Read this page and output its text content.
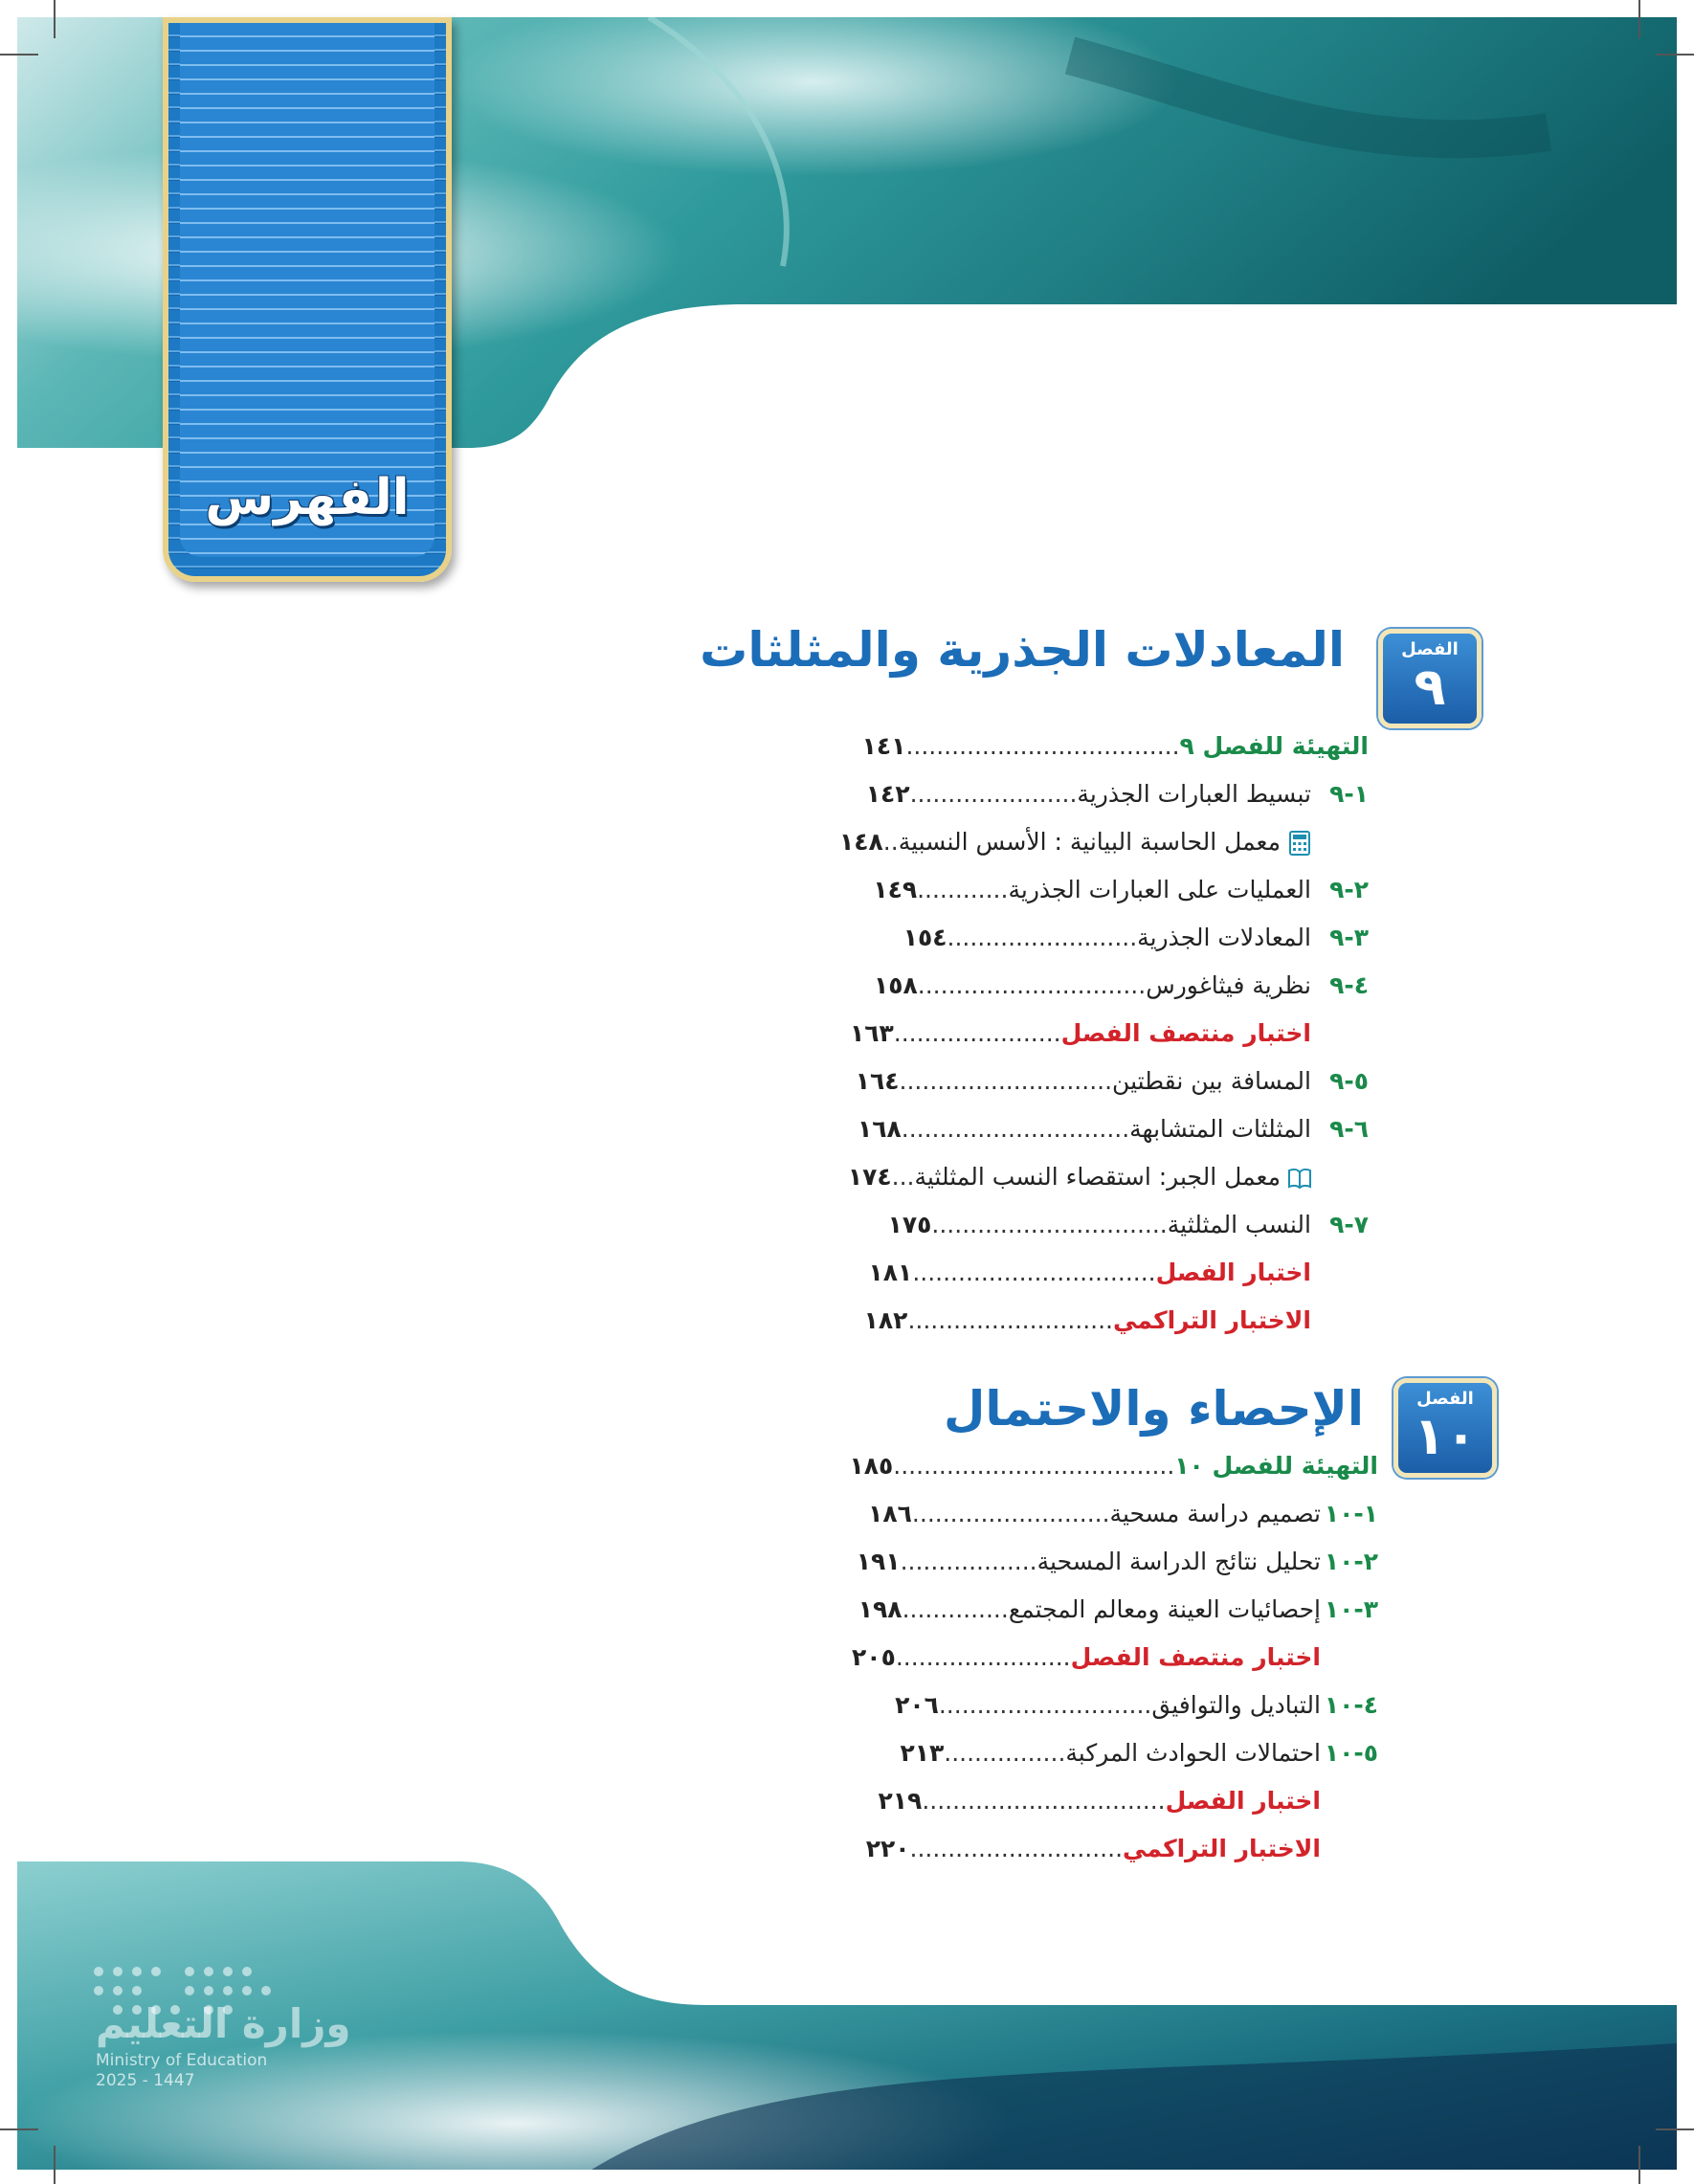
الفهرس
الفصل
٩
المعادلات الجذرية والمثلثات
التهيئة للفصل ٩....................................١٤١
١-٩تبسيط العبارات الجذرية......................١٤٢
معمل الحاسبة البيانية : الأسس النسبية..١٤٨
٢-٩العمليات على العبارات الجذرية............١٤٩
٣-٩المعادلات الجذرية.........................١٥٤
٤-٩نظرية فيثاغورس..............................١٥٨
اختبار منتصف الفصل......................١٦٣
٥-٩المسافة بين نقطتين............................١٦٤
٦-٩المثلثات المتشابهة..............................١٦٨
معمل الجبر: استقصاء النسب المثلثية...١٧٤
٧-٩النسب المثلثية...............................١٧٥
اختبار الفصل................................١٨١
الاختبار التراكمي...........................١٨٢
الفصل
١٠
الإحصاء والاحتمال
التهيئة للفصل ١٠.....................................١٨٥
١-١٠تصميم دراسة مسحية..........................١٨٦
٢-١٠تحليل نتائج الدراسة المسحية..................١٩١
٣-١٠إحصائيات العينة ومعالم المجتمع..............١٩٨
اختبار منتصف الفصل.......................٢٠٥
٤-١٠التباديل والتوافيق............................٢٠٦
٥-١٠احتمالات الحوادث المركبة................٢١٣
اختبار الفصل................................٢١٩
الاختبار التراكمي............................٢٢٠
وزارة التعليم
Ministry of Education
2025 - 1447
